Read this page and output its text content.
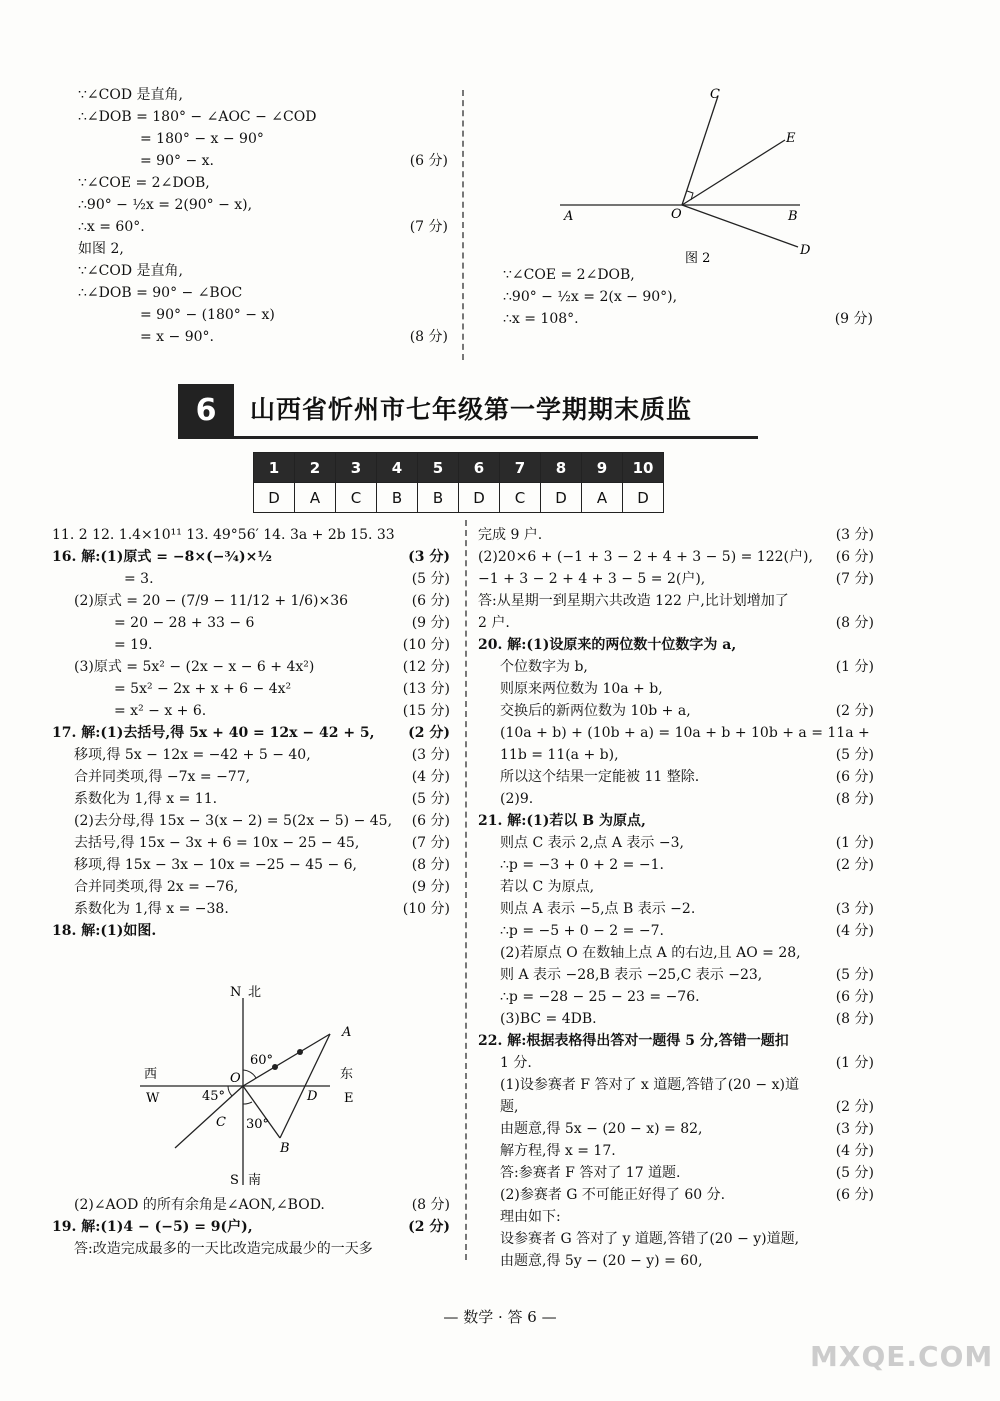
∵∠COD 是直角,
∴∠DOB = 180° − ∠AOC − ∠COD
= 180° − x − 90°
= 90° − x.	(6 分)
∵∠COE = 2∠DOB,
∴90° − ½x = 2(90° − x),
∴x = 60°.	(7 分)
如图 2,
∵∠COD 是直角,
∴∠DOB = 90° − ∠BOC
= 90° − (180° − x)
= x − 90°.	(8 分)
A	O	B
C
E
D
图 2
∵∠COE = 2∠DOB,
∴90° − ½x = 2(x − 90°),
∴x = 108°.	(9 分)
6	山西省忻州市七年级第一学期期末质监
1	2	3	4	5	6	7	8	9	10
D	A	C	B	B	D	C	D	A	D
11. 2 12. 1.4×10¹¹ 13. 49°56′ 14. 3a + 2b 15. 33
16. 解:(1)原式 = −8×(−¾)×½	(3 分)
= 3.	(5 分)
(2)原式 = 20 − (7/9 − 11/12 + 1/6)×36	(6 分)
= 20 − 28 + 33 − 6	(9 分)
= 19.	(10 分)
(3)原式 = 5x² − (2x − x − 6 + 4x²)	(12 分)
= 5x² − 2x + x + 6 − 4x²	(13 分)
= x² − x + 6.	(15 分)
17. 解:(1)去括号,得 5x + 40 = 12x − 42 + 5, (2 分)
移项,得 5x − 12x = −42 + 5 − 40,	(3 分)
合并同类项,得 −7x = −77,	(4 分)
系数化为 1,得 x = 11.	(5 分)
(2)去分母,得 15x − 3(x − 2) = 5(2x − 5) − 45, (6 分)
去括号,得 15x − 3x + 6 = 10x − 25 − 45,	(7 分)
移项,得 15x − 3x − 10x = −25 − 45 − 6,	(8 分)
合并同类项,得 2x = −76,	(9 分)
系数化为 1,得 x = −38.	(10 分)
18. 解:(1)如图.
N 北
S 南
西
W
东
E
O
A
B
C
D
60°
45°
30°
(2)∠AOD 的所有余角是∠AON,∠BOD.	(8 分)
19. 解:(1)4 − (−5) = 9(户),	(2 分)
答:改造完成最多的一天比改造完成最少的一天多
完成 9 户.	(3 分)
(2)20×6 + (−1 + 3 − 2 + 4 + 3 − 5) = 122(户), (6 分)
−1 + 3 − 2 + 4 + 3 − 5 = 2(户),	(7 分)
答:从星期一到星期六共改造 122 户,比计划增加了
2 户.	(8 分)
20. 解:(1)设原来的两位数十位数字为 a,
个位数字为 b,	(1 分)
则原来两位数为 10a + b,
交换后的新两位数为 10b + a,	(2 分)
(10a + b) + (10b + a) = 10a + b + 10b + a = 11a +
11b = 11(a + b),	(5 分)
所以这个结果一定能被 11 整除.	(6 分)
(2)9.	(8 分)
21. 解:(1)若以 B 为原点,
则点 C 表示 2,点 A 表示 −3,	(1 分)
∴p = −3 + 0 + 2 = −1.	(2 分)
若以 C 为原点,
则点 A 表示 −5,点 B 表示 −2.	(3 分)
∴p = −5 + 0 − 2 = −7.	(4 分)
(2)若原点 O 在数轴上点 A 的右边,且 AO = 28,
则 A 表示 −28,B 表示 −25,C 表示 −23,	(5 分)
∴p = −28 − 25 − 23 = −76.	(6 分)
(3)BC = 4DB.	(8 分)
22. 解:根据表格得出答对一题得 5 分,答错一题扣
1 分.	(1 分)
(1)设参赛者 F 答对了 x 道题,答错了(20 − x)道
题,	(2 分)
由题意,得 5x − (20 − x) = 82,	(3 分)
解方程,得 x = 17.	(4 分)
答:参赛者 F 答对了 17 道题.	(5 分)
(2)参赛者 G 不可能正好得了 60 分.	(6 分)
理由如下:
设参赛者 G 答对了 y 道题,答错了(20 − y)道题,
由题意,得 5y − (20 − y) = 60,
— 数学 · 答 6 —
MXQE.COM
